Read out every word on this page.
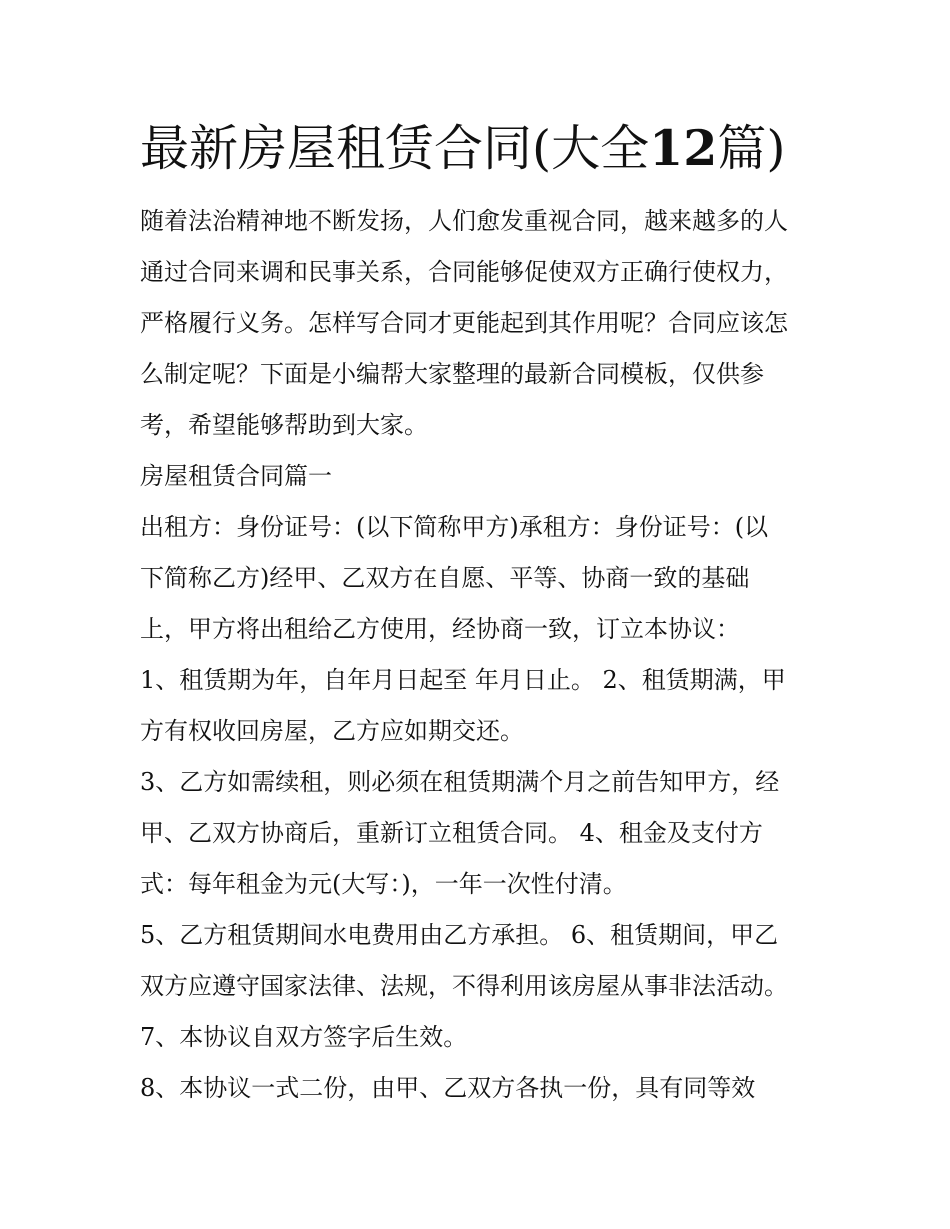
最新房屋租赁合同(大全12篇)

随着法治精神地不断发扬，人们愈发重视合同，越来越多的人

通过合同来调和民事关系，合同能够促使双方正确行使权力，

严格履行义务。怎样写合同才更能起到其作用呢？合同应该怎

么制定呢？下面是小编帮大家整理的最新合同模板，仅供参

考，希望能够帮助到大家。

房屋租赁合同篇一

出租方：身份证号：(以下简称甲方)承租方：身份证号：(以

下简称乙方)经甲、乙双方在自愿、平等、协商一致的基础

上，甲方将出租给乙方使用，经协商一致，订立本协议：

1、租赁期为年，自年月日起至 年月日止。 2、租赁期满，甲

方有权收回房屋，乙方应如期交还。

3、乙方如需续租，则必须在租赁期满个月之前告知甲方，经

甲、乙双方协商后，重新订立租赁合同。 4、租金及支付方

式：每年租金为元(大写：)，一年一次性付清。

5、乙方租赁期间水电费用由乙方承担。 6、租赁期间，甲乙

双方应遵守国家法律、法规，不得利用该房屋从事非法活动。

7、本协议自双方签字后生效。

8、本协议一式二份，由甲、乙双方各执一份，具有同等效
